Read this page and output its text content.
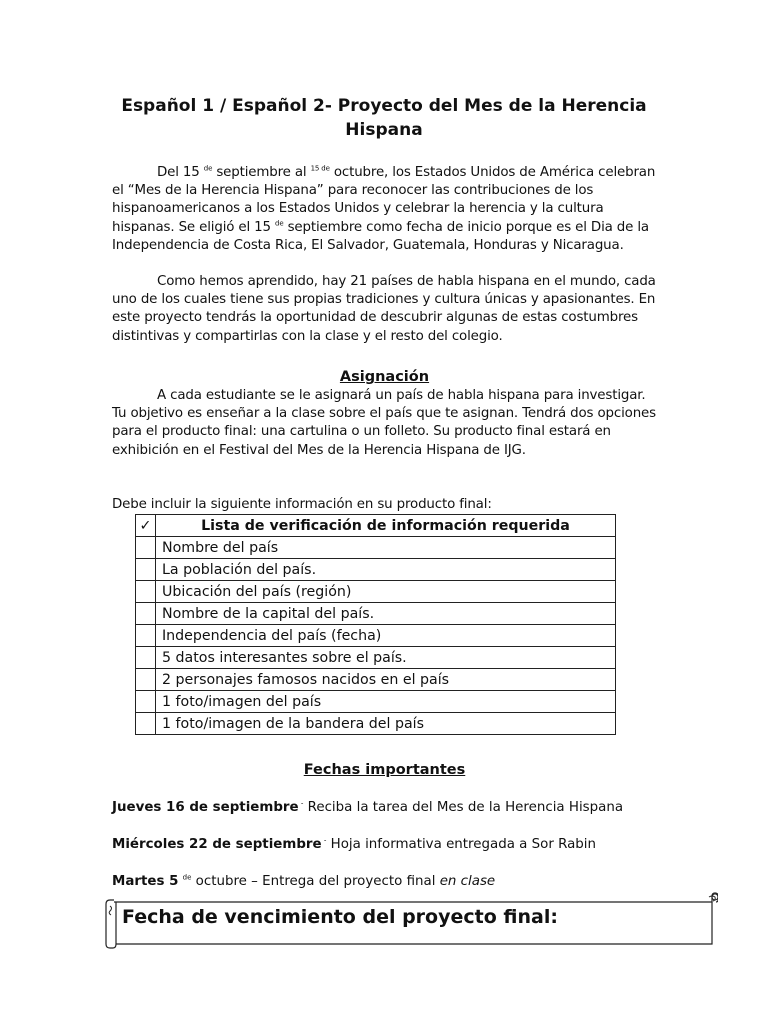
Español 1 / Español 2- Proyecto del Mes de la Herencia Hispana

Del 15 $^{de}$ septiembre al $^{15 de}$ octubre, los Estados Unidos de América celebran el “Mes de la Herencia Hispana” para reconocer las contribuciones de los hispanoamericanos a los Estados Unidos y celebrar la herencia y la cultura hispanas. Se eligió el 15 $^{de}$ septiembre como fecha de inicio porque es el Dia de la Independencia de Costa Rica, El Salvador, Guatemala, Honduras y Nicaragua.

Como hemos aprendido, hay 21 países de habla hispana en el mundo, cada uno de los cuales tiene sus propias tradiciones y cultura únicas y apasionantes. En este proyecto tendrás la oportunidad de descubrir algunas de estas costumbres distintivas y compartirlas con la clase y el resto del colegio.

Asignación

A cada estudiante se le asignará un país de habla hispana para investigar. Tu objetivo es enseñar a la clase sobre el país que te asignan. Tendrá dos opciones para el producto final: una cartulina o un folleto. Su producto final estará en exhibición en el Festival del Mes de la Herencia Hispana de IJG.

Debe incluir la siguiente información en su producto final:

✓	Lista de verificación de información requerida
	Nombre del país
	La población del país.
	Ubicación del país (región)
	Nombre de la capital del país.
	Independencia del país (fecha)
	5 datos interesantes sobre el país.
	2 personajes famosos nacidos en el país
	1 foto/imagen del país
	1 foto/imagen de la bandera del país
Fechas importantes

Jueves 16 de septiembre - Reciba la tarea del Mes de la Herencia Hispana

Miércoles 22 de septiembre - Hoja informativa entregada a Sor Rabin

Martes 5 $^{de}$ octubre – Entrega del proyecto final en clase

Fecha de vencimiento del proyecto final:
